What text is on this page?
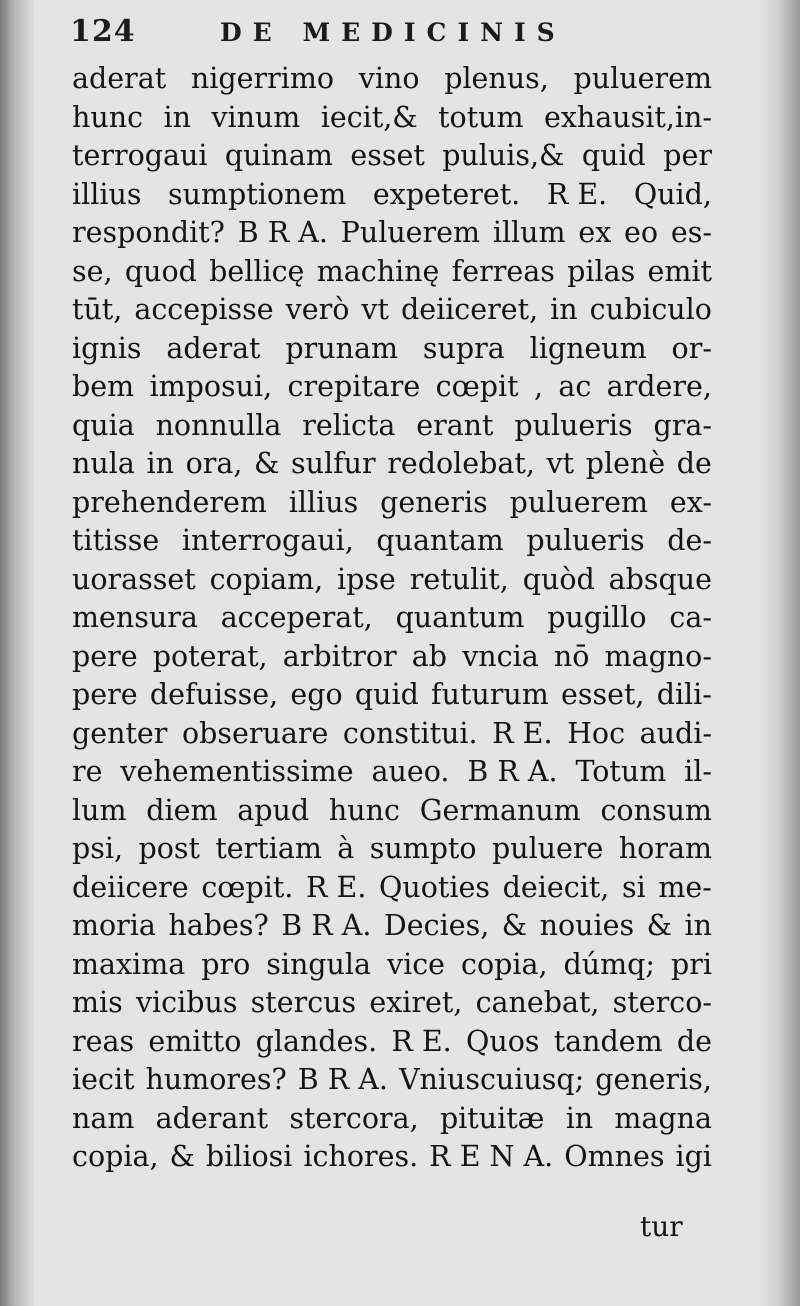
124	DE MEDICINIS
aderat nigerrimo vino plenus, puluerem
hunc in vinum iecit,& totum exhausit,in-
terrogaui quinam esset puluis,& quid per
illius sumptionem expeteret. R E. Quid,
respondit? B R A. Puluerem illum ex eo es-
se, quod bellicę machinę ferreas pilas emit
tūt, accepisse verò vt deiiceret, in cubiculo
ignis aderat prunam supra ligneum or-
bem imposui, crepitare cœpit , ac ardere,
quia nonnulla relicta erant pulueris gra-
nula in ora, & sulfur redolebat, vt plenè de
prehenderem illius generis puluerem ex-
titisse interrogaui, quantam pulueris de-
uorasset copiam, ipse retulit, quòd absque
mensura acceperat, quantum pugillo ca-
pere poterat, arbitror ab vncia nō magno-
pere defuisse, ego quid futurum esset, dili-
genter obseruare constitui. R E. Hoc audi-
re vehementissime aueo. B R A. Totum il-
lum diem apud hunc Germanum consum
psi, post tertiam à sumpto puluere horam
deiicere cœpit. R E. Quoties deiecit, si me-
moria habes? B R A. Decies, & nouies & in
maxima pro singula vice copia, dúmq; pri
mis vicibus stercus exiret, canebat, sterco-
reas emitto glandes. R E. Quos tandem de
iecit humores? B R A. Vniuscuiusq; generis,
nam aderant stercora, pituitæ in magna
copia, & biliosi ichores. R E N A. Omnes igi
tur
